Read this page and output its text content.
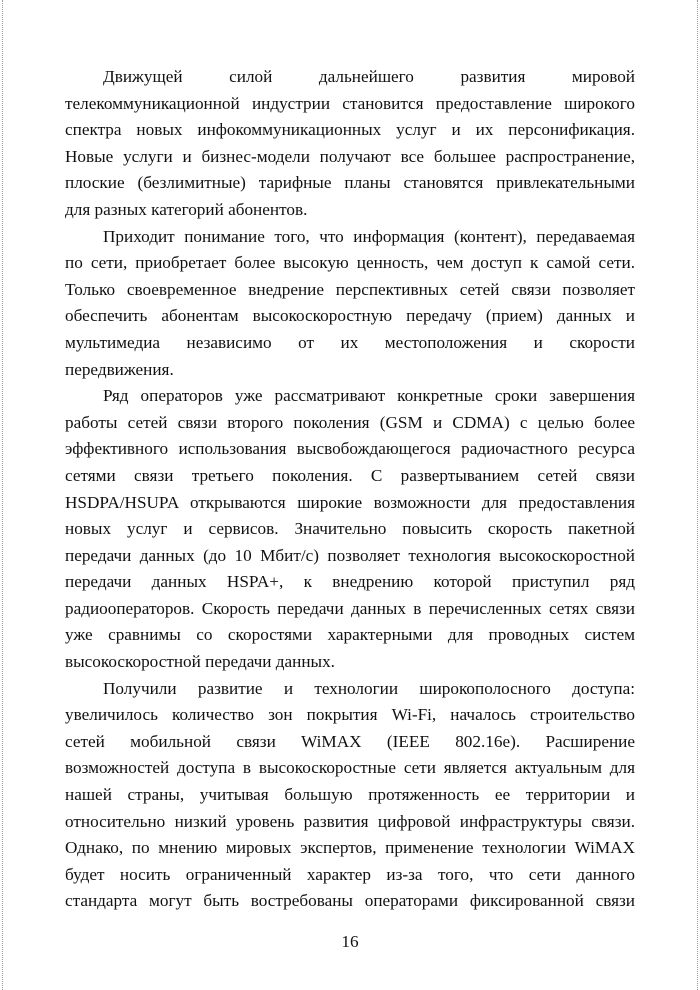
Движущей силой дальнейшего развития мировой
телекоммуникационной индустрии становится предоставление широкого
спектра новых инфокоммуникационных услуг и их персонификация.
Новые услуги и бизнес-модели получают все большее распространение,
плоские (безлимитные) тарифные планы становятся привлекательными
для разных категорий абонентов.
Приходит понимание того, что информация (контент), передаваемая
по сети, приобретает более высокую ценность, чем доступ к самой сети.
Только своевременное внедрение перспективных сетей связи позволяет
обеспечить абонентам высокоскоростную передачу (прием) данных и
мультимедиа независимо от их местоположения и скорости
передвижения.
Ряд операторов уже рассматривают конкретные сроки завершения
работы сетей связи второго поколения (GSM и CDMA) с целью более
эффективного использования высвобождающегося радиочастного ресурса
сетями связи третьего поколения. С развертыванием сетей связи
HSDPA/HSUPA открываются широкие возможности для предоставления
новых услуг и сервисов. Значительно повысить скорость пакетной
передачи данных (до 10 Мбит/с) позволяет технология высокоскоростной
передачи данных HSPA+, к внедрению которой приступил ряд
радиооператоров. Скорость передачи данных в перечисленных сетях связи
уже сравнимы со скоростями характерными для проводных систем
высокоскоростной передачи данных.
Получили развитие и технологии широкополосного доступа:
увеличилось количество зон покрытия Wi-Fi, началось строительство
сетей мобильной связи WiMAX (IEEE 802.16e). Расширение
возможностей доступа в высокоскоростные сети является актуальным для
нашей страны, учитывая большую протяженность ее территории и
относительно низкий уровень развития цифровой инфраструктуры связи.
Однако, по мнению мировых экспертов, применение технологии WiMAX
будет носить ограниченный характер из-за того, что сети данного
стандарта могут быть востребованы операторами фиксированной связи
16
